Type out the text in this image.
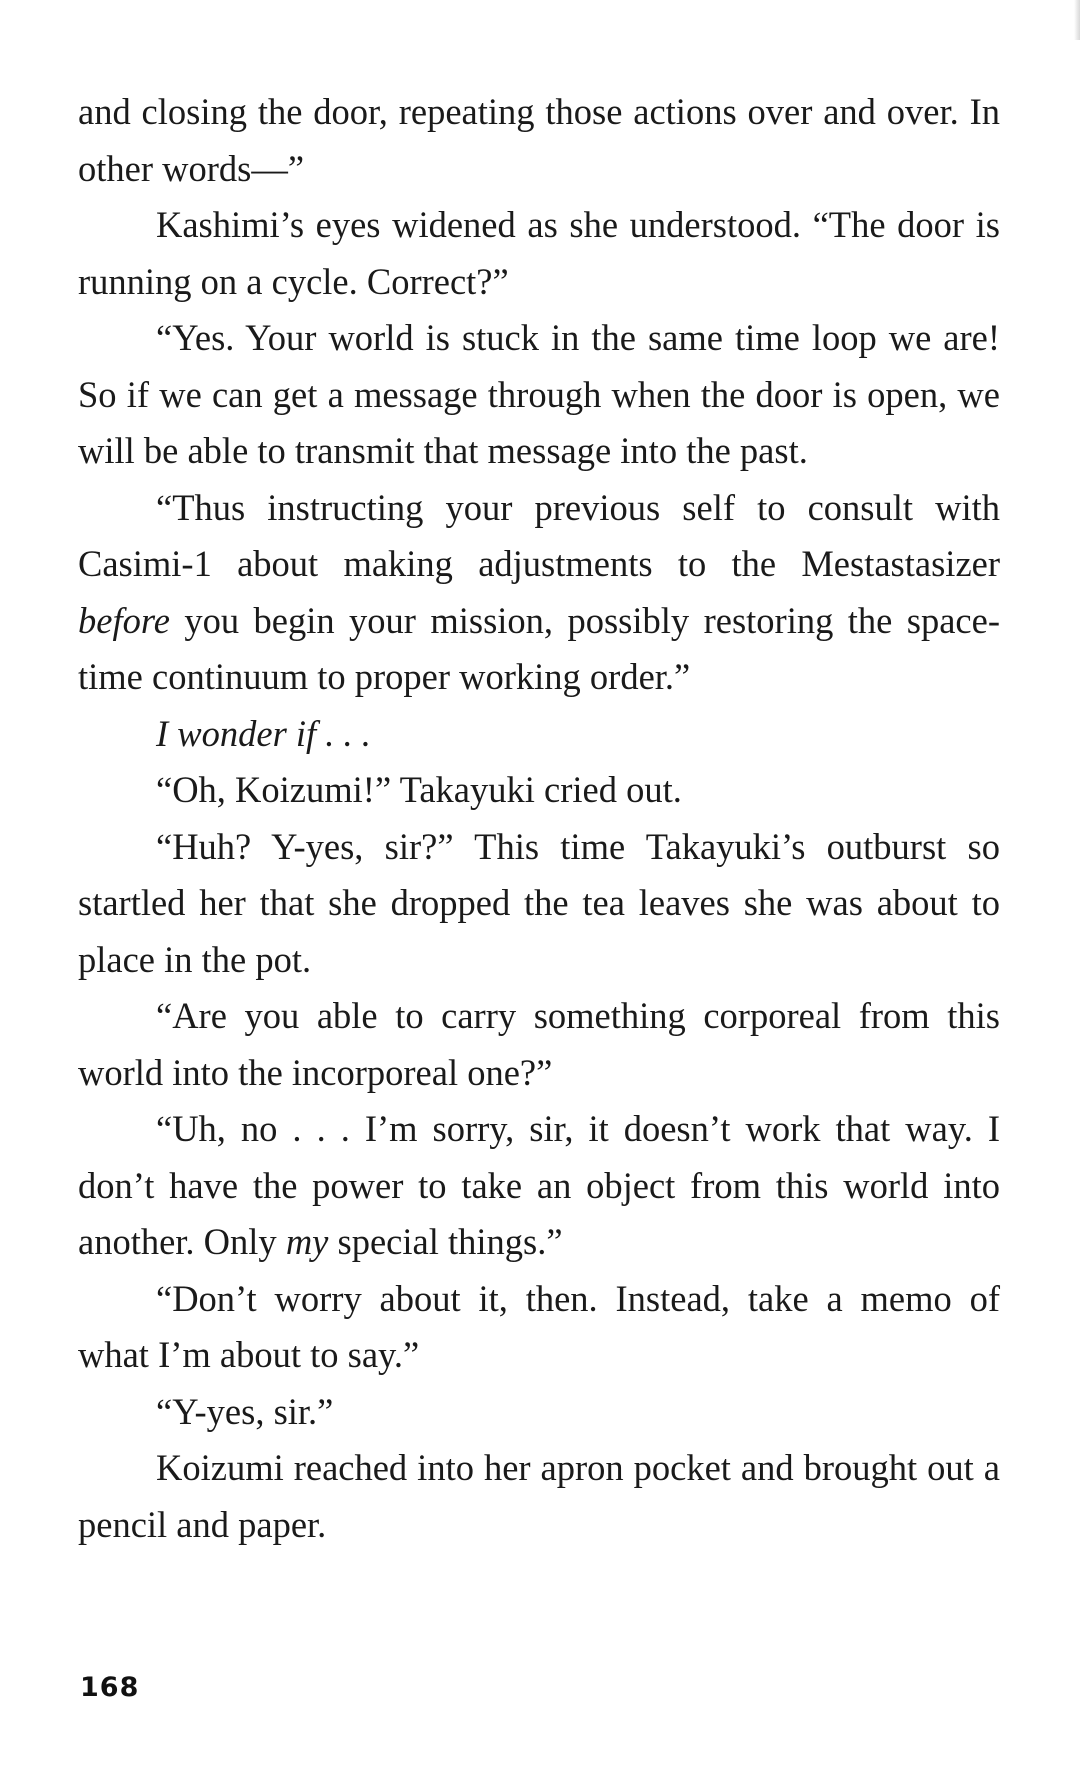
and closing the door, repeating those actions over and over. In other words—”

Kashimi’s eyes widened as she understood. “The door is running on a cycle. Correct?”

“Yes. Your world is stuck in the same time loop we are! So if we can get a message through when the door is open, we will be able to transmit that message into the past.

“Thus instructing your previous self to consult with Casimi-1 about making adjustments to the Mestastasizer before you begin your mission, possibly restoring the space-time continuum to proper working order.”

I wonder if . . .

“Oh, Koizumi!” Takayuki cried out.

“Huh? Y-yes, sir?” This time Takayuki’s outburst so startled her that she dropped the tea leaves she was about to place in the pot.

“Are you able to carry something corporeal from this world into the incorporeal one?”

“Uh, no . . . I’m sorry, sir, it doesn’t work that way. I don’t have the power to take an object from this world into another. Only my special things.”

“Don’t worry about it, then. Instead, take a memo of what I’m about to say.”

“Y-yes, sir.”

Koizumi reached into her apron pocket and brought out a pencil and paper.

168
